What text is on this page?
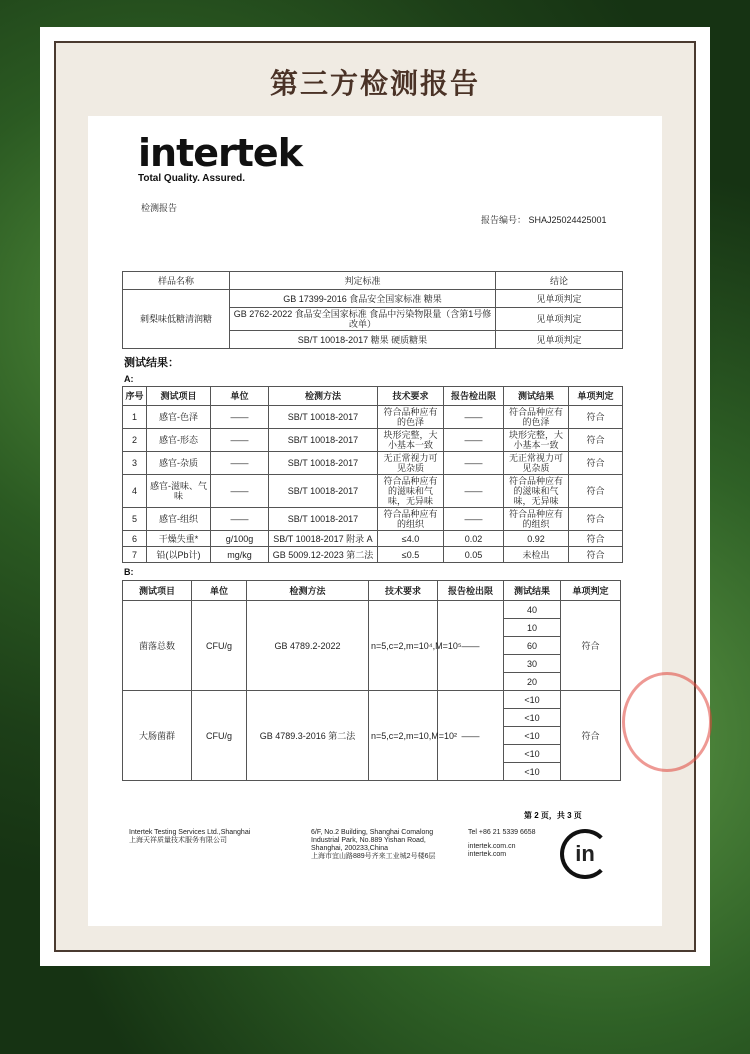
第三方检测报告
intertek
Total Quality. Assured.
检测报告
报告编号： SHAJ25024425001
样品名称	判定标准	结论
刺梨味低糖清润糖	GB 17399-2016 食品安全国家标准 糖果	见单项判定
	GB 2762-2022 食品安全国家标准 食品中污染物限量（含第1号修改单）	见单项判定
	SB/T 10018-2017 糖果 硬质糖果	见单项判定
测试结果：
A:
序号	测试项目	单位	检测方法	技术要求	报告检出限	测试结果	单项判定
1	感官-色泽	——	SB/T 10018-2017	符合品种应有的色泽	——	符合品种应有的色泽	符合
2	感官-形态	——	SB/T 10018-2017	块形完整，大小基本一致	——	块形完整，大小基本一致	符合
3	感官-杂质	——	SB/T 10018-2017	无正常视力可见杂质	——	无正常视力可见杂质	符合
4	感官-滋味、气味	——	SB/T 10018-2017	符合品种应有的滋味和气味，无异味	——	符合品种应有的滋味和气味，无异味	符合
5	感官-组织	——	SB/T 10018-2017	符合品种应有的组织	——	符合品种应有的组织	符合
6	干燥失重*	g/100g	SB/T 10018-2017 附录 A	≤4.0	0.02	0.92	符合
7	铅(以Pb计)	mg/kg	GB 5009.12-2023 第二法	≤0.5	0.05	未检出	符合
B:
测试项目	单位	检测方法	技术要求	报告检出限	测试结果	单项判定
菌落总数	CFU/g	GB 4789.2-2022	n=5,c=2,m=10⁴,M=10⁵	——	40	符合
					10	
					60	
					30	
					20	
大肠菌群	CFU/g	GB 4789.3-2016 第二法	n=5,c=2,m=10,M=10²	——	<10	符合
					<10	
					<10	
					<10	
					<10	
第 2 页，共 3 页
Intertek Testing Services Ltd.,Shanghai
上海天祥质量技术服务有限公司
6/F, No.2 Building, Shanghai Comalong
Industrial Park, No.889 Yishan Road,
Shanghai, 200233,China
上海市宜山路889号齐来工业城2号楼6层
Tel +86 21 5339 6658
intertek.com.cn
intertek.com	in
